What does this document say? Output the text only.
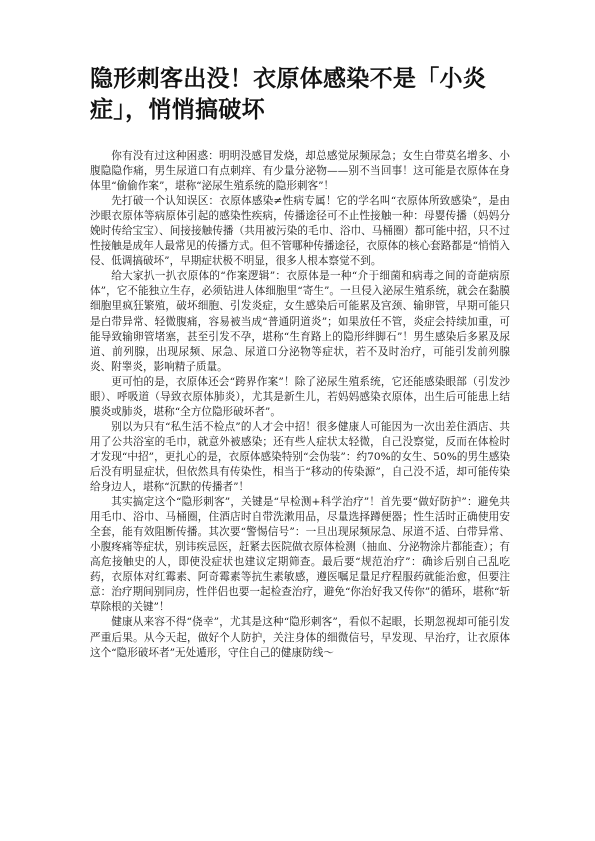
隐形刺客出没！衣原体感染不是「小炎症」，悄悄搞破坏

你有没有过这种困惑：明明没感冒发烧，却总感觉尿频尿急；女生白带莫名增多、小腹隐隐作痛，男生尿道口有点刺痒、有少量分泌物——别不当回事！这可能是衣原体在身体里“偷偷作案”，堪称“泌尿生殖系统的隐形刺客”！

先打破一个认知误区：衣原体感染≠性病专属！它的学名叫“衣原体所致感染”，是由沙眼衣原体等病原体引起的感染性疾病，传播途径可不止性接触一种：母婴传播（妈妈分娩时传给宝宝）、间接接触传播（共用被污染的毛巾、浴巾、马桶圈）都可能中招，只不过性接触是成年人最常见的传播方式。但不管哪种传播途径，衣原体的核心套路都是“悄悄入侵、低调搞破坏”，早期症状极不明显，很多人根本察觉不到。

给大家扒一扒衣原体的“作案逻辑”：衣原体是一种“介于细菌和病毒之间的奇葩病原体”，它不能独立生存，必须钻进人体细胞里“寄生”。一旦侵入泌尿生殖系统，就会在黏膜细胞里疯狂繁殖，破坏细胞、引发炎症，女生感染后可能累及宫颈、输卵管，早期可能只是白带异常、轻微腹痛，容易被当成“普通阴道炎”；如果放任不管，炎症会持续加重，可能导致输卵管堵塞，甚至引发不孕，堪称“生育路上的隐形绊脚石”！男生感染后多累及尿道、前列腺，出现尿频、尿急、尿道口分泌物等症状，若不及时治疗，可能引发前列腺炎、附睾炎，影响精子质量。

更可怕的是，衣原体还会“跨界作案”！除了泌尿生殖系统，它还能感染眼部（引发沙眼）、呼吸道（导致衣原体肺炎），尤其是新生儿，若妈妈感染衣原体，出生后可能患上结膜炎或肺炎，堪称“全方位隐形破坏者”。

别以为只有“私生活不检点”的人才会中招！很多健康人可能因为一次出差住酒店、共用了公共浴室的毛巾，就意外被感染；还有些人症状太轻微，自己没察觉，反而在体检时才发现“中招”，更扎心的是，衣原体感染特别“会伪装”：约70%的女生、50%的男生感染后没有明显症状，但依然具有传染性，相当于“移动的传染源”，自己没不适，却可能传染给身边人，堪称“沉默的传播者”！

其实搞定这个“隐形刺客”，关键是“早检测+科学治疗”！首先要“做好防护”：避免共用毛巾、浴巾、马桶圈，住酒店时自带洗漱用品，尽量选择蹲便器；性生活时正确使用安全套，能有效阻断传播。其次要“警惕信号”：一旦出现尿频尿急、尿道不适、白带异常、小腹疼痛等症状，别讳疾忌医，赶紧去医院做衣原体检测（抽血、分泌物涂片都能查）；有高危接触史的人，即使没症状也建议定期筛查。最后要“规范治疗”：确诊后别自己乱吃药，衣原体对红霉素、阿奇霉素等抗生素敏感，遵医嘱足量足疗程服药就能治愈，但要注意：治疗期间别同房，性伴侣也要一起检查治疗，避免“你治好我又传你”的循环，堪称“斩草除根的关键”！

健康从来容不得“侥幸”，尤其是这种“隐形刺客”，看似不起眼，长期忽视却可能引发严重后果。从今天起，做好个人防护，关注身体的细微信号，早发现、早治疗，让衣原体这个“隐形破坏者”无处遁形，守住自己的健康防线～
